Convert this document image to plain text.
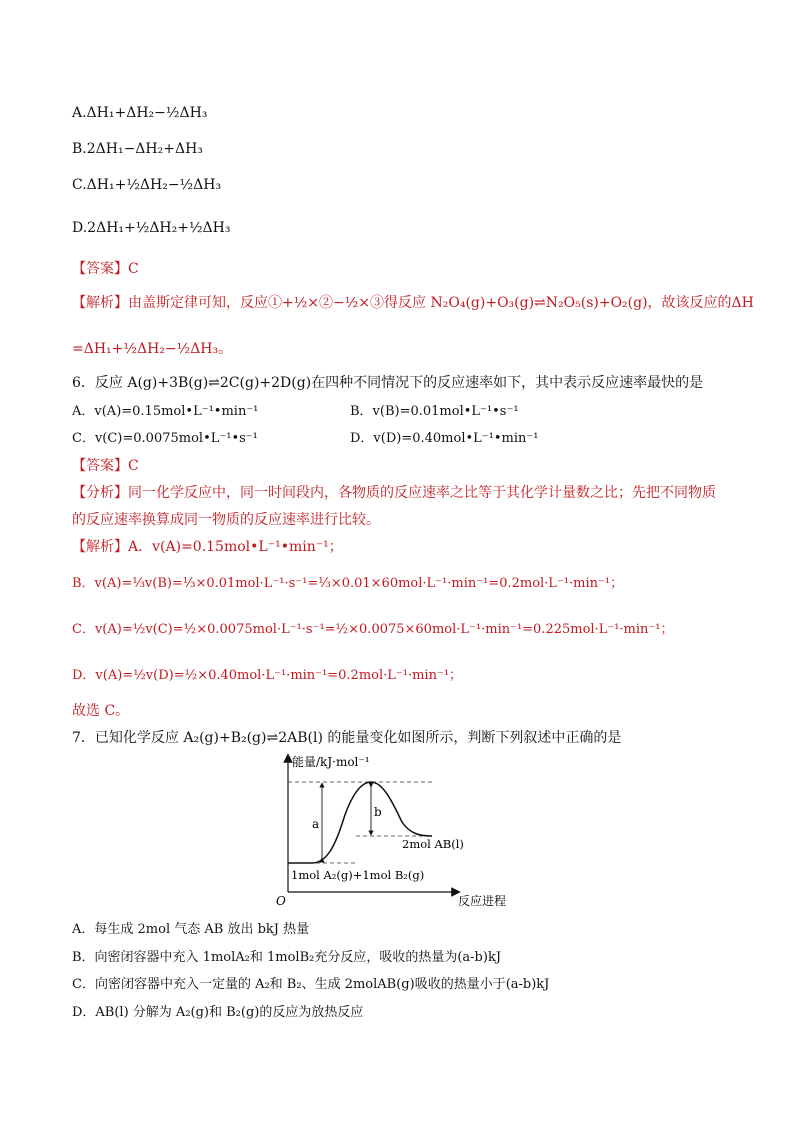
A.ΔH₁+ΔH₂−½ΔH₃
B.2ΔH₁−ΔH₂+ΔH₃
C.ΔH₁+½ΔH₂−½ΔH₃
D.2ΔH₁+½ΔH₂+½ΔH₃
【答案】C
【解析】由盖斯定律可知，反应①+½×②−½×③得反应 N₂O₄(g)+O₃(g)⇌N₂O₅(s)+O₂(g)，故该反应的ΔH
=ΔH₁+½ΔH₂−½ΔH₃。
6．反应 A(g)+3B(g)⇌2C(g)+2D(g)在四种不同情况下的反应速率如下，其中表示反应速率最快的是
A．v(A)=0.15mol•L⁻¹•min⁻¹	B．v(B)=0.01mol•L⁻¹•s⁻¹
C．v(C)=0.0075mol•L⁻¹•s⁻¹	D．v(D)=0.40mol•L⁻¹•min⁻¹
【答案】C
【分析】同一化学反应中，同一时间段内，各物质的反应速率之比等于其化学计量数之比；先把不同物质
的反应速率换算成同一物质的反应速率进行比较。
【解析】A．v(A)=0.15mol•L⁻¹•min⁻¹；
B．v(A)=⅓v(B)=⅓×0.01mol·L⁻¹·s⁻¹=⅓×0.01×60mol·L⁻¹·min⁻¹=0.2mol·L⁻¹·min⁻¹；
C．v(A)=½v(C)=½×0.0075mol·L⁻¹·s⁻¹=½×0.0075×60mol·L⁻¹·min⁻¹=0.225mol·L⁻¹·min⁻¹；
D．v(A)=½v(D)=½×0.40mol·L⁻¹·min⁻¹=0.2mol·L⁻¹·min⁻¹；
故选 C。
7．已知化学反应 A₂(g)+B₂(g)⇌2AB(l) 的能量变化如图所示，判断下列叙述中正确的是
能量/kJ·mol⁻¹
反应进程
O
a
b
2mol AB(l)
1mol A₂(g)+1mol B₂(g)
A．每生成 2mol 气态 AB 放出 bkJ 热量
B．向密闭容器中充入 1molA₂和 1molB₂充分反应，吸收的热量为(a-b)kJ
C．向密闭容器中充入一定量的 A₂和 B₂、生成 2molAB(g)吸收的热量小于(a-b)kJ
D．AB(l) 分解为 A₂(g)和 B₂(g)的反应为放热反应
